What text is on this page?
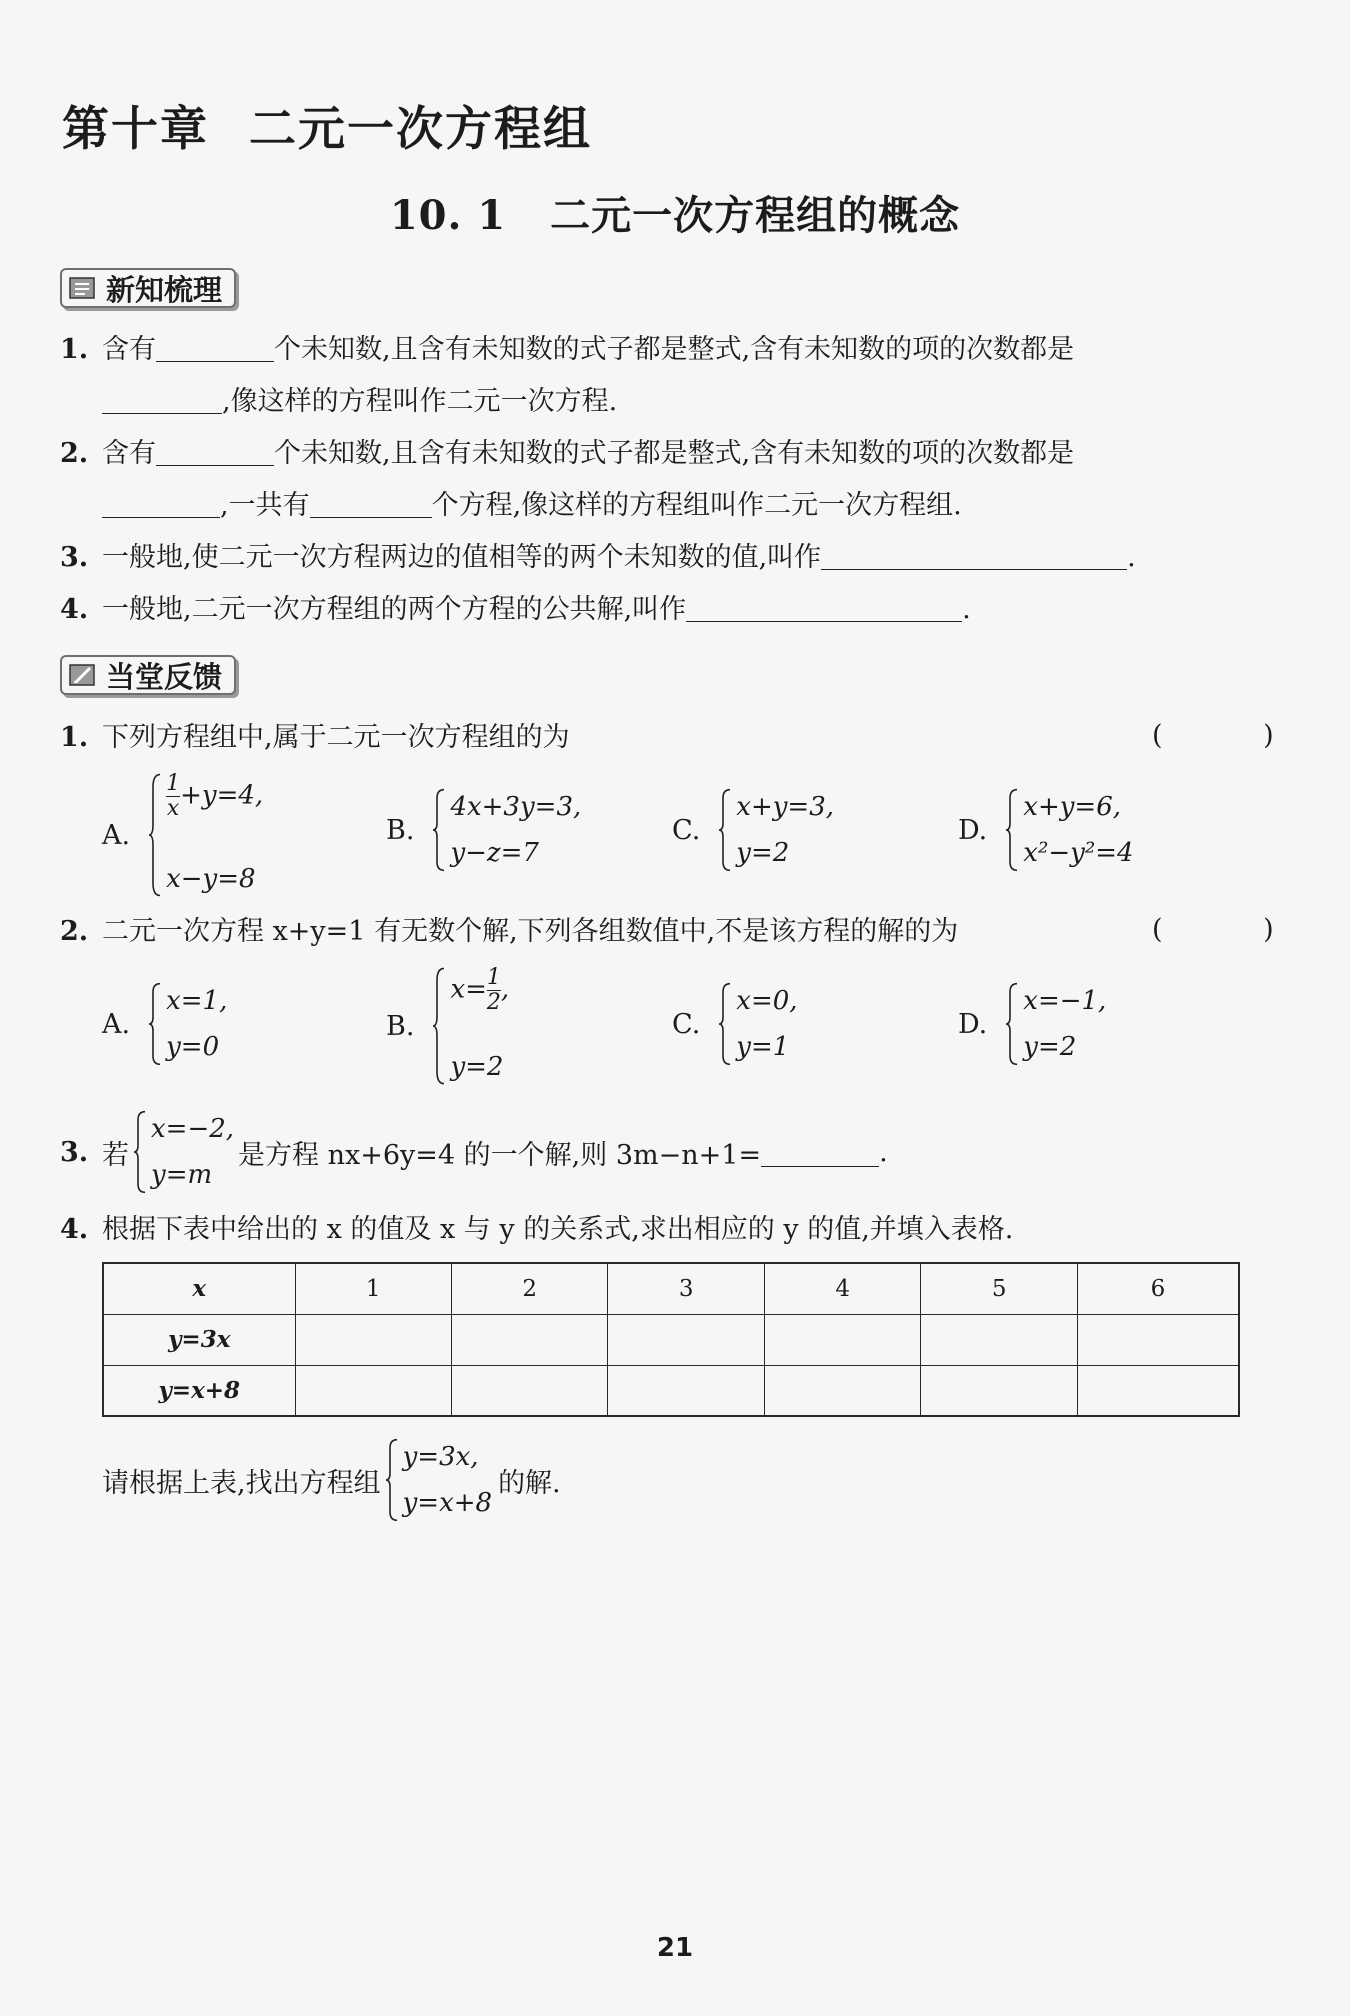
第十章 二元一次方程组
10. 1 二元一次方程组的概念
新知梳理
1. 含有	个未知数,且含有未知数的式子都是整式,含有未知数的项的次数都是
,像这样的方程叫作二元一次方程.
2. 含有	个未知数,且含有未知数的式子都是整式,含有未知数的项的次数都是
,一共有	个方程,像这样的方程组叫作二元一次方程组.
3. 一般地,使二元一次方程两边的值相等的两个未知数的值,叫作	.
4. 一般地,二元一次方程组的两个方程的公共解,叫作	.
当堂反馈
1. 下列方程组中,属于二元一次方程组的为	( )
A.
$\frac{1}{x} +y=4$,
x−y=8
B.
4x+3y=3,
y−z=7
C.
x+y=3,
y=2
D.
x+y=6,
x²−y²=4
2. 二元一次方程 x+y=1 有无数个解,下列各组数值中,不是该方程的解的为	( )
A.
x=1,
y=0
B.
$x= \frac{1}{2}$ ,
y=2
C.
x=0,
y=1
D.
x=−1,
y=2
3. 若
x=−2,
y=m
是方程 nx+6y=4 的一个解,则 3m−n+1=	.
4. 根据下表中给出的 x 的值及 x 与 y 的关系式,求出相应的 y 的值,并填入表格.
x	1	2	3	4	5	6
y=3x						
y=x+8						
请根据上表,找出方程组
y=3x,
y=x+8
的解.
21
